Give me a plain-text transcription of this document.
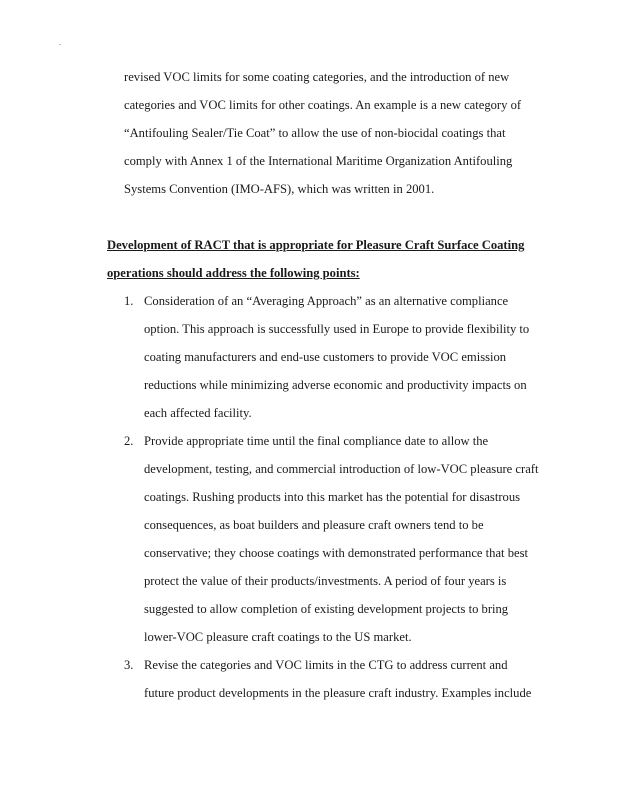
.
revised VOC limits for some coating categories, and the introduction of new
categories and VOC limits for other coatings. An example is a new category of
“Antifouling Sealer/Tie Coat” to allow the use of non-biocidal coatings that
comply with Annex 1 of the International Maritime Organization Antifouling
Systems Convention (IMO-AFS), which was written in 2001.
Development of RACT that is appropriate for Pleasure Craft Surface Coating
operations should address the following points:
1. Consideration of an “Averaging Approach” as an alternative compliance
option. This approach is successfully used in Europe to provide flexibility to
coating manufacturers and end-use customers to provide VOC emission
reductions while minimizing adverse economic and productivity impacts on
each affected facility.
2. Provide appropriate time until the final compliance date to allow the
development, testing, and commercial introduction of low-VOC pleasure craft
coatings. Rushing products into this market has the potential for disastrous
consequences, as boat builders and pleasure craft owners tend to be
conservative; they choose coatings with demonstrated performance that best
protect the value of their products/investments. A period of four years is
suggested to allow completion of existing development projects to bring
lower-VOC pleasure craft coatings to the US market.
3. Revise the categories and VOC limits in the CTG to address current and
future product developments in the pleasure craft industry. Examples include
